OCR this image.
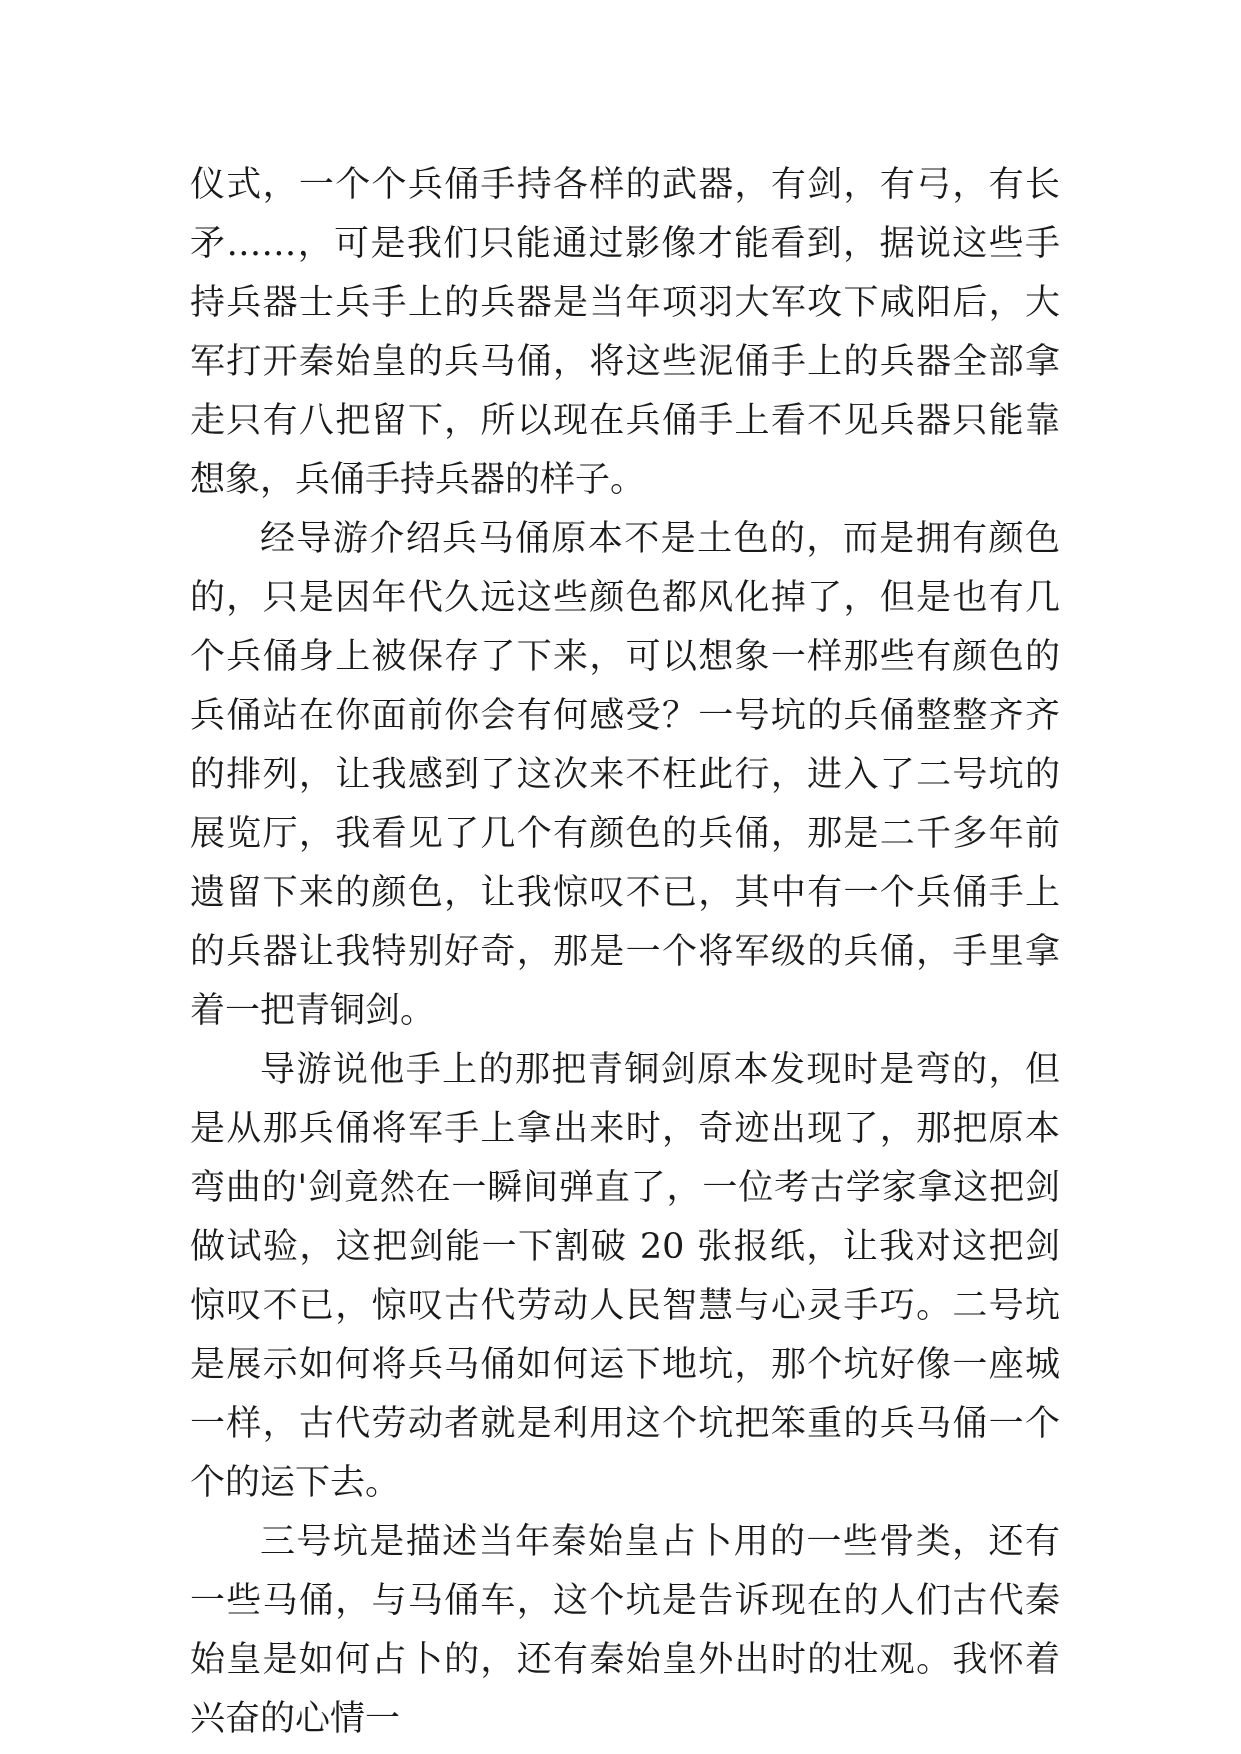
仪式，一个个兵俑手持各样的武器，有剑，有弓，有长矛……，可是我们只能通过影像才能看到，据说这些手持兵器士兵手上的兵器是当年项羽大军攻下咸阳后，大军打开秦始皇的兵马俑，将这些泥俑手上的兵器全部拿走只有八把留下，所以现在兵俑手上看不见兵器只能靠想象，兵俑手持兵器的样子。

经导游介绍兵马俑原本不是土色的，而是拥有颜色的，只是因年代久远这些颜色都风化掉了，但是也有几个兵俑身上被保存了下来，可以想象一样那些有颜色的兵俑站在你面前你会有何感受？一号坑的兵俑整整齐齐的排列，让我感到了这次来不枉此行，进入了二号坑的展览厅，我看见了几个有颜色的兵俑，那是二千多年前遗留下来的颜色，让我惊叹不已，其中有一个兵俑手上的兵器让我特别好奇，那是一个将军级的兵俑，手里拿着一把青铜剑。

导游说他手上的那把青铜剑原本发现时是弯的，但是从那兵俑将军手上拿出来时，奇迹出现了，那把原本弯曲的'剑竟然在一瞬间弹直了，一位考古学家拿这把剑做试验，这把剑能一下割破 20 张报纸，让我对这把剑惊叹不已，惊叹古代劳动人民智慧与心灵手巧。二号坑是展示如何将兵马俑如何运下地坑，那个坑好像一座城一样，古代劳动者就是利用这个坑把笨重的兵马俑一个个的运下去。

三号坑是描述当年秦始皇占卜用的一些骨类，还有一些马俑，与马俑车，这个坑是告诉现在的人们古代秦始皇是如何占卜的，还有秦始皇外出时的壮观。我怀着兴奋的心情一
